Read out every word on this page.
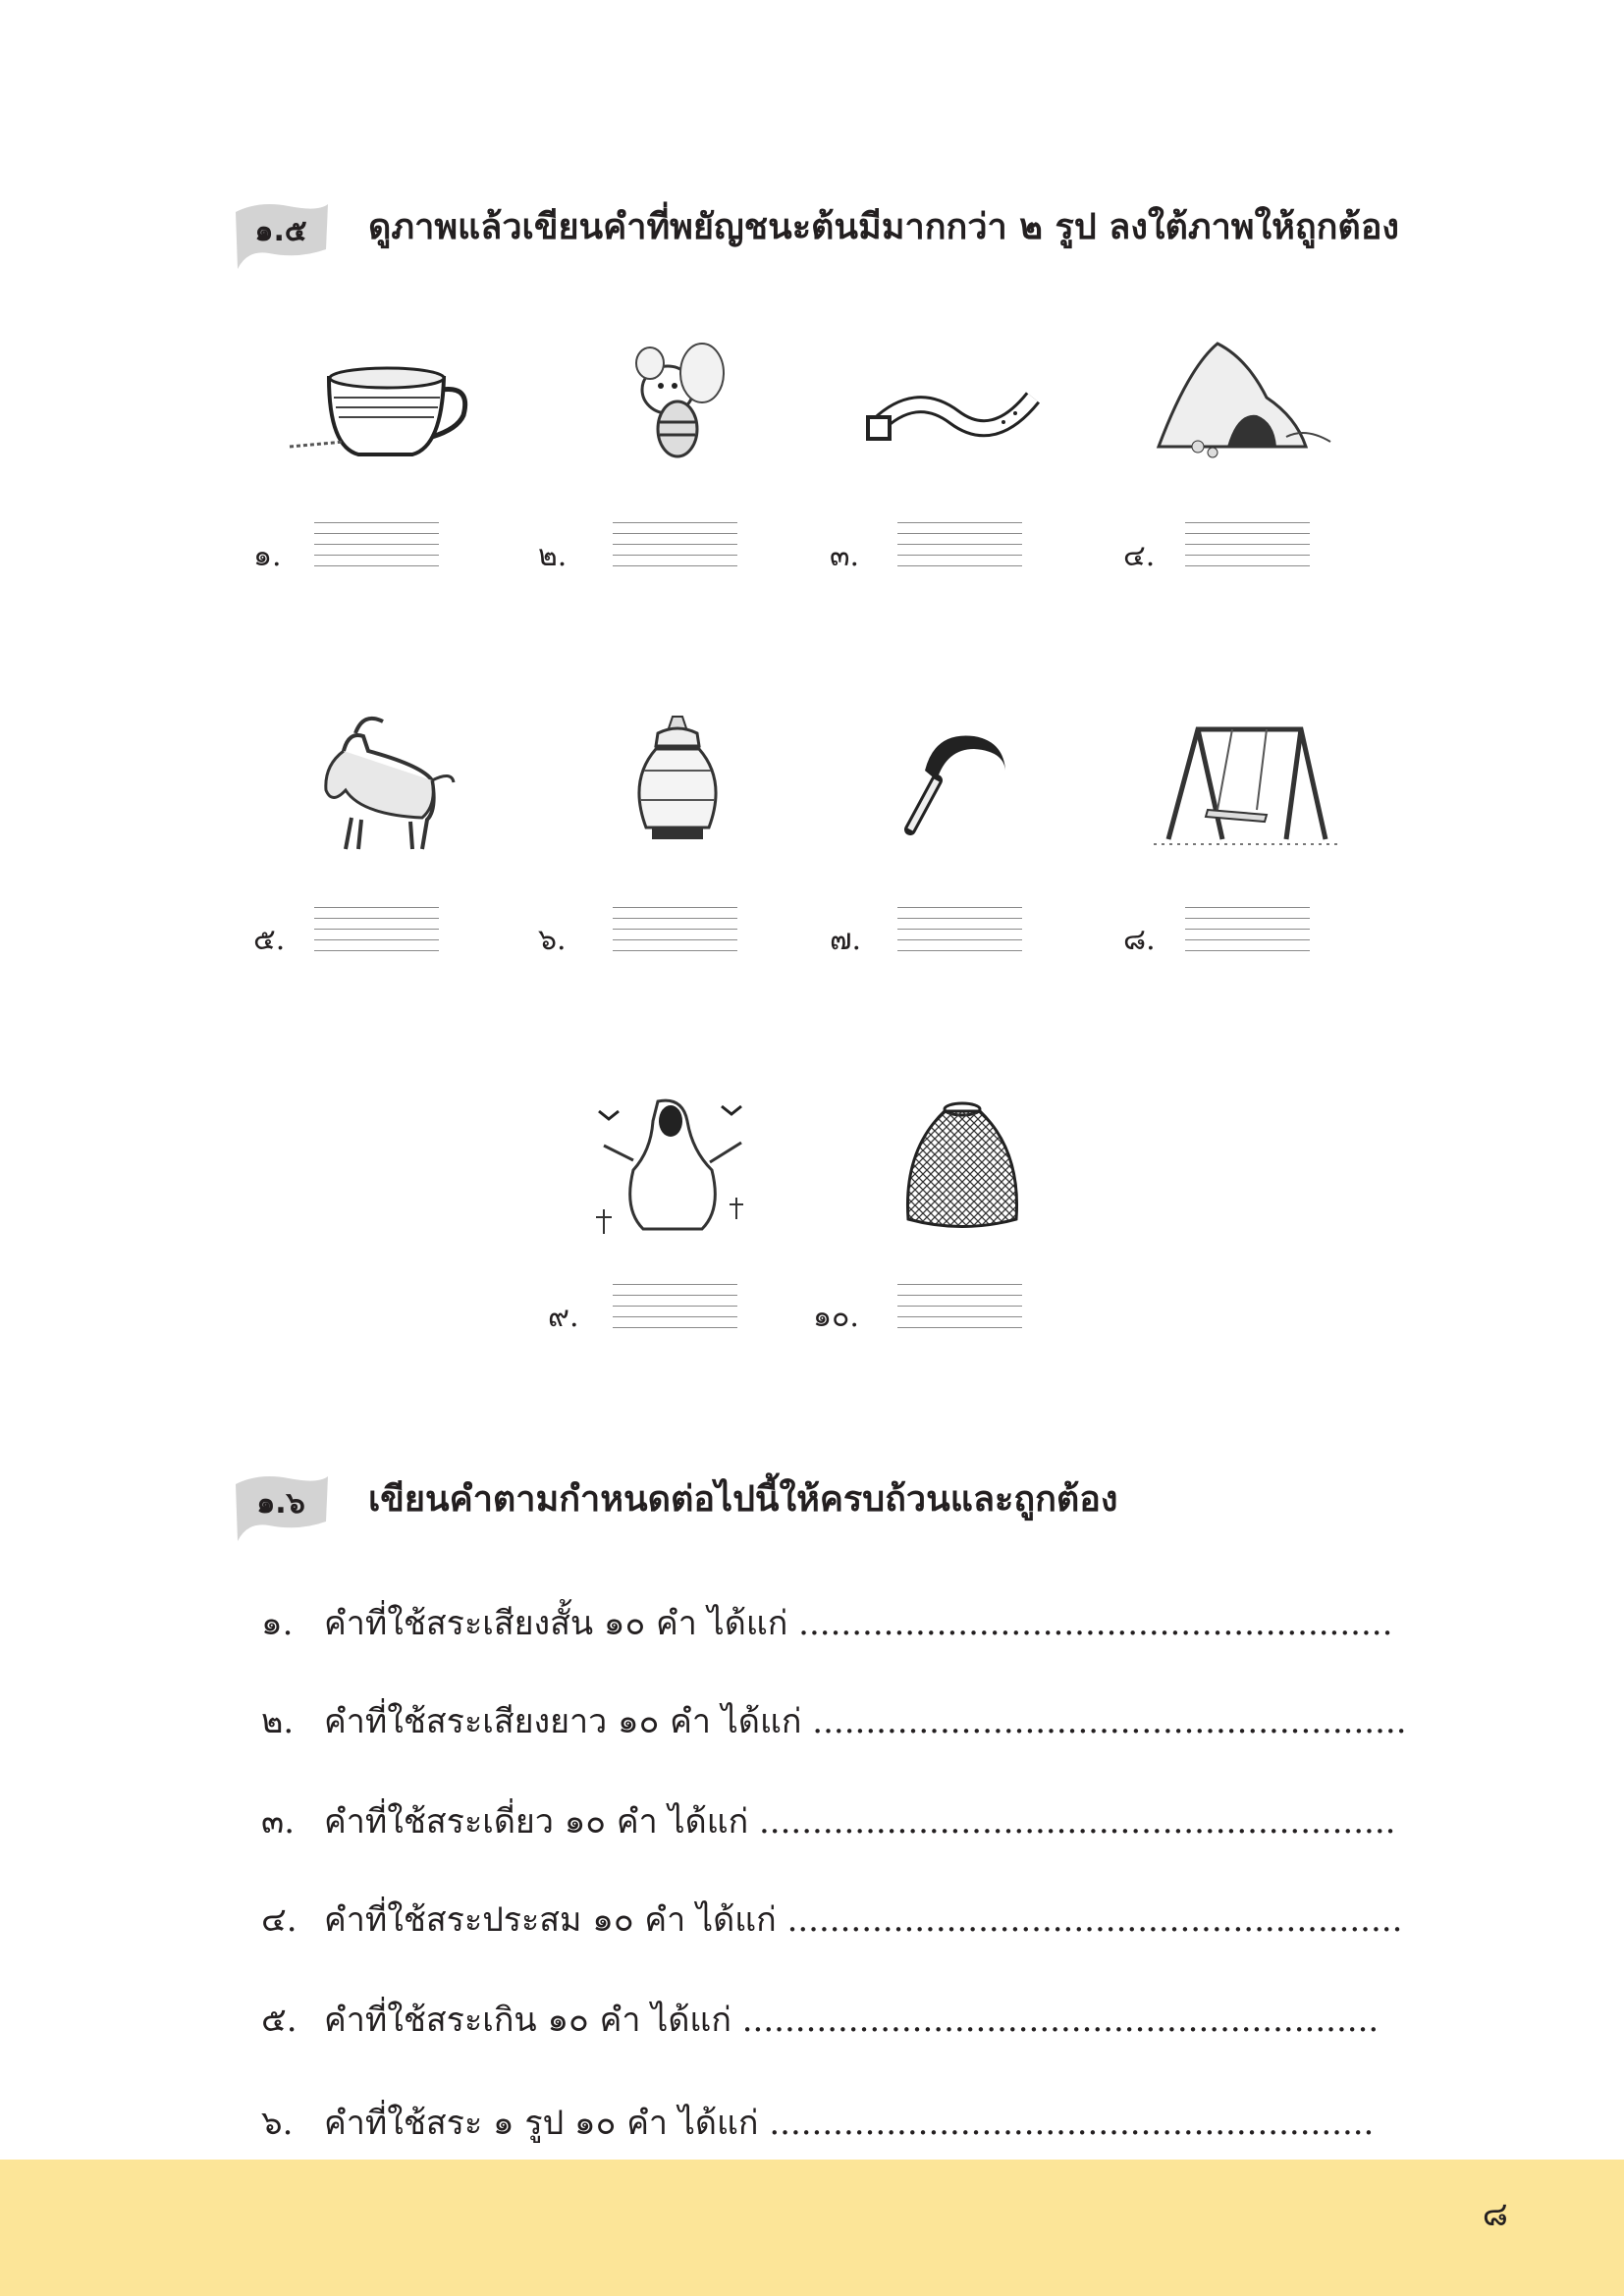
๑.๕	ดูภาพแล้วเขียนคำที่พยัญชนะต้นมีมากกว่า ๒ รูป ลงใต้ภาพให้ถูกต้อง
๑.	๒.	๓.	๔.
๕.	๖.	๗.	๘.
๙.	๑๐.
๑.๖	เขียนคำตามกำหนดต่อไปนี้ให้ครบถ้วนและถูกต้อง
๑. คำที่ใช้สระเสียงสั้น ๑๐ คำ ได้แก่ ........................................................
๒. คำที่ใช้สระเสียงยาว ๑๐ คำ ได้แก่ ........................................................
๓. คำที่ใช้สระเดี่ยว ๑๐ คำ ได้แก่ ............................................................
๔. คำที่ใช้สระประสม ๑๐ คำ ได้แก่ ..........................................................
๕. คำที่ใช้สระเกิน ๑๐ คำ ได้แก่ ............................................................
๖. คำที่ใช้สระ ๑ รูป ๑๐ คำ ได้แก่ .........................................................
๘
